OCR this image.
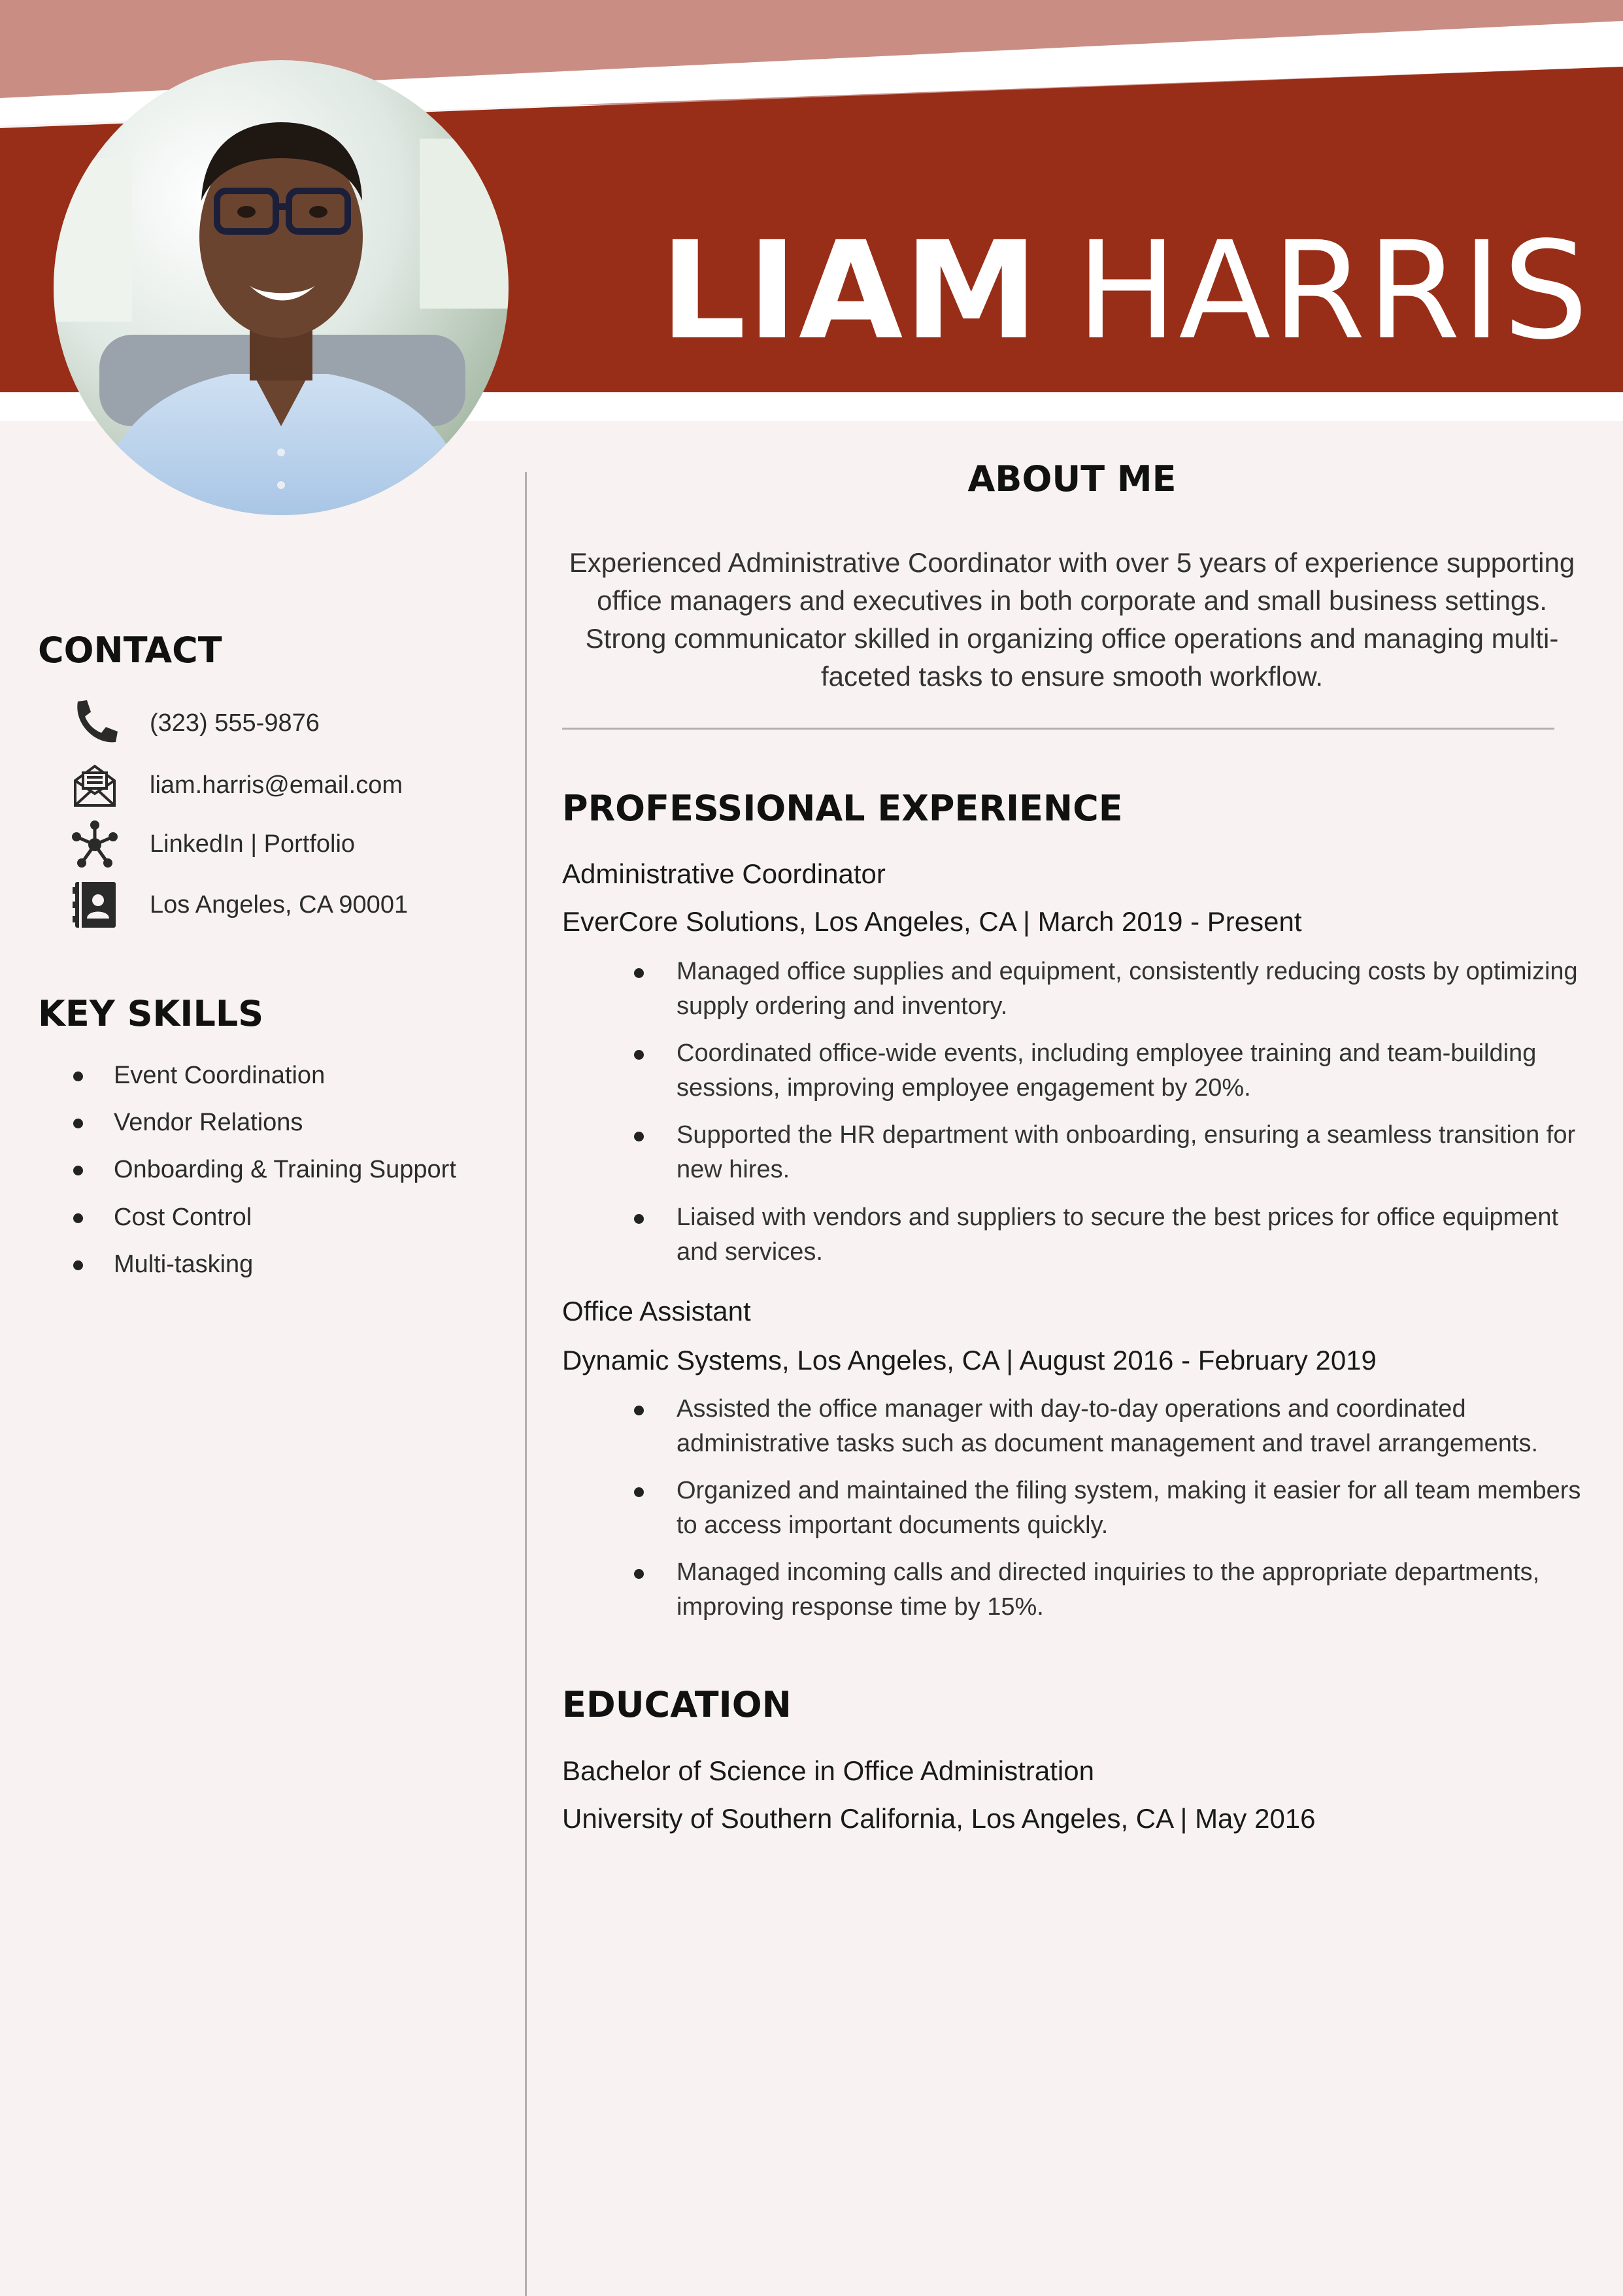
LIAM HARRIS
CONTACT
(323) 555-9876
liam.harris@email.com
LinkedIn | Portfolio
Los Angeles, CA 90001
KEY SKILLS
Event Coordination
Vendor Relations
Onboarding & Training Support
Cost Control
Multi-tasking
ABOUT ME

Experienced Administrative Coordinator with over 5 years of experience supporting office managers and executives in both corporate and small business settings. Strong communicator skilled in organizing office operations and managing multi-faceted tasks to ensure smooth workflow.

PROFESSIONAL EXPERIENCE

Administrative Coordinator

EverCore Solutions, Los Angeles, CA | March 2019 - Present

Managed office supplies and equipment, consistently reducing costs by optimizing supply ordering and inventory.

Coordinated office-wide events, including employee training and team-building sessions, improving employee engagement by 20%.

Supported the HR department with onboarding, ensuring a seamless transition for new hires.

Liaised with vendors and suppliers to secure the best prices for office equipment and services.

Office Assistant

Dynamic Systems, Los Angeles, CA | August 2016 - February 2019

Assisted the office manager with day-to-day operations and coordinated administrative tasks such as document management and travel arrangements.

Organized and maintained the filing system, making it easier for all team members to access important documents quickly.

Managed incoming calls and directed inquiries to the appropriate departments, improving response time by 15%.

EDUCATION

Bachelor of Science in Office Administration

University of Southern California, Los Angeles, CA | May 2016
